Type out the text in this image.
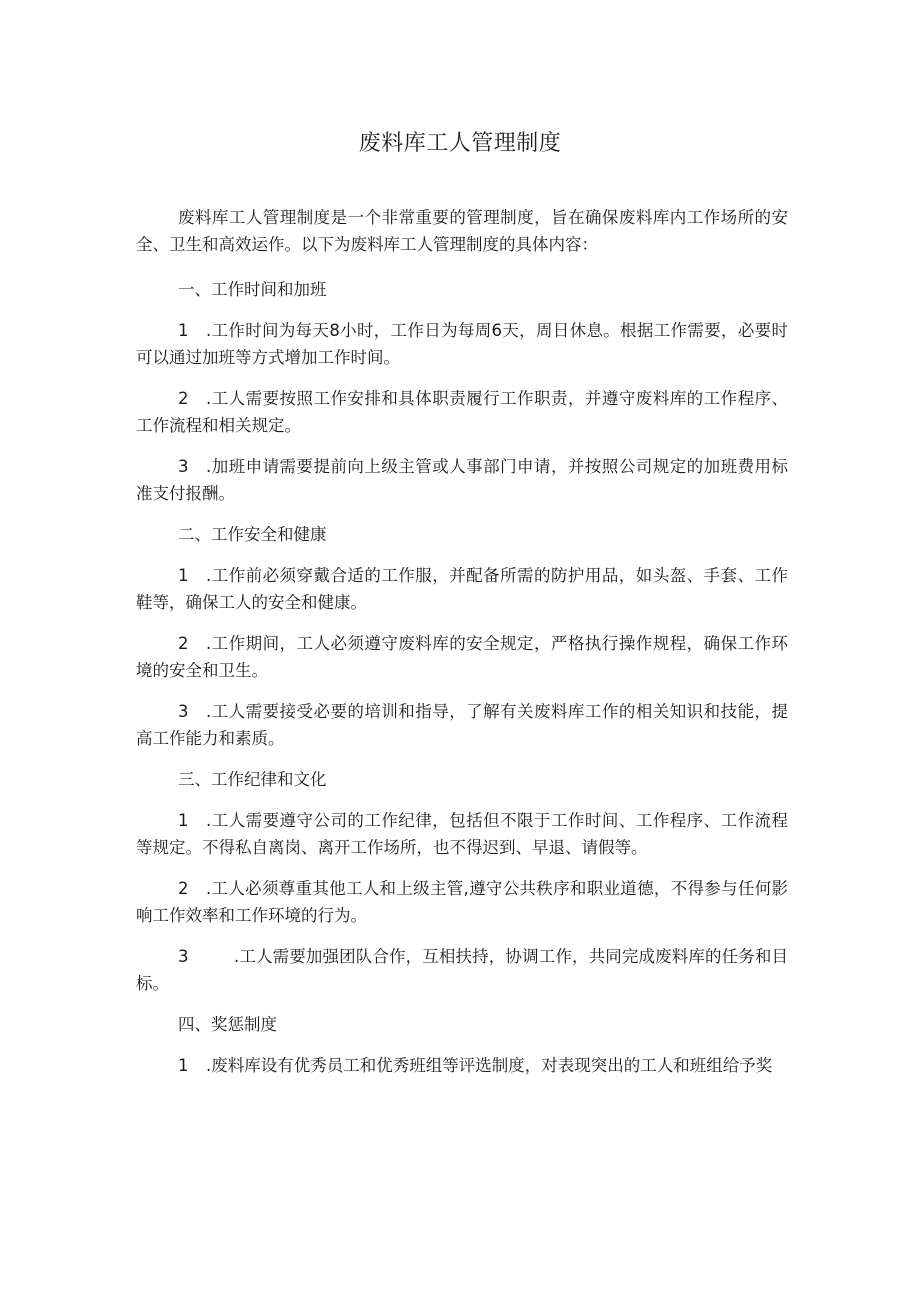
废料库工人管理制度

废料库工人管理制度是一个非常重要的管理制度，旨在确保废料库内工作场所的安全、卫生和高效运作。以下为废料库工人管理制度的具体内容：

一、工作时间和加班

1 .工作时间为每天8小时，工作日为每周6天，周日休息。根据工作需要，必要时可以通过加班等方式增加工作时间。

2 .工人需要按照工作安排和具体职责履行工作职责，并遵守废料库的工作程序、工作流程和相关规定。

3 .加班申请需要提前向上级主管或人事部门申请，并按照公司规定的加班费用标准支付报酬。

二、工作安全和健康

1 .工作前必须穿戴合适的工作服，并配备所需的防护用品，如头盔、手套、工作鞋等，确保工人的安全和健康。

2 .工作期间，工人必须遵守废料库的安全规定，严格执行操作规程，确保工作环境的安全和卫生。

3 .工人需要接受必要的培训和指导，了解有关废料库工作的相关知识和技能，提高工作能力和素质。

三、工作纪律和文化

1 .工人需要遵守公司的工作纪律，包括但不限于工作时间、工作程序、工作流程等规定。不得私自离岗、离开工作场所，也不得迟到、早退、请假等。

2 .工人必须尊重其他工人和上级主管,遵守公共秩序和职业道德，不得参与任何影响工作效率和工作环境的行为。

3	.工人需要加强团队合作，互相扶持，协调工作，共同完成废料库的任务和目标。

四、奖惩制度

1 .废料库设有优秀员工和优秀班组等评选制度，对表现突出的工人和班组给予奖
